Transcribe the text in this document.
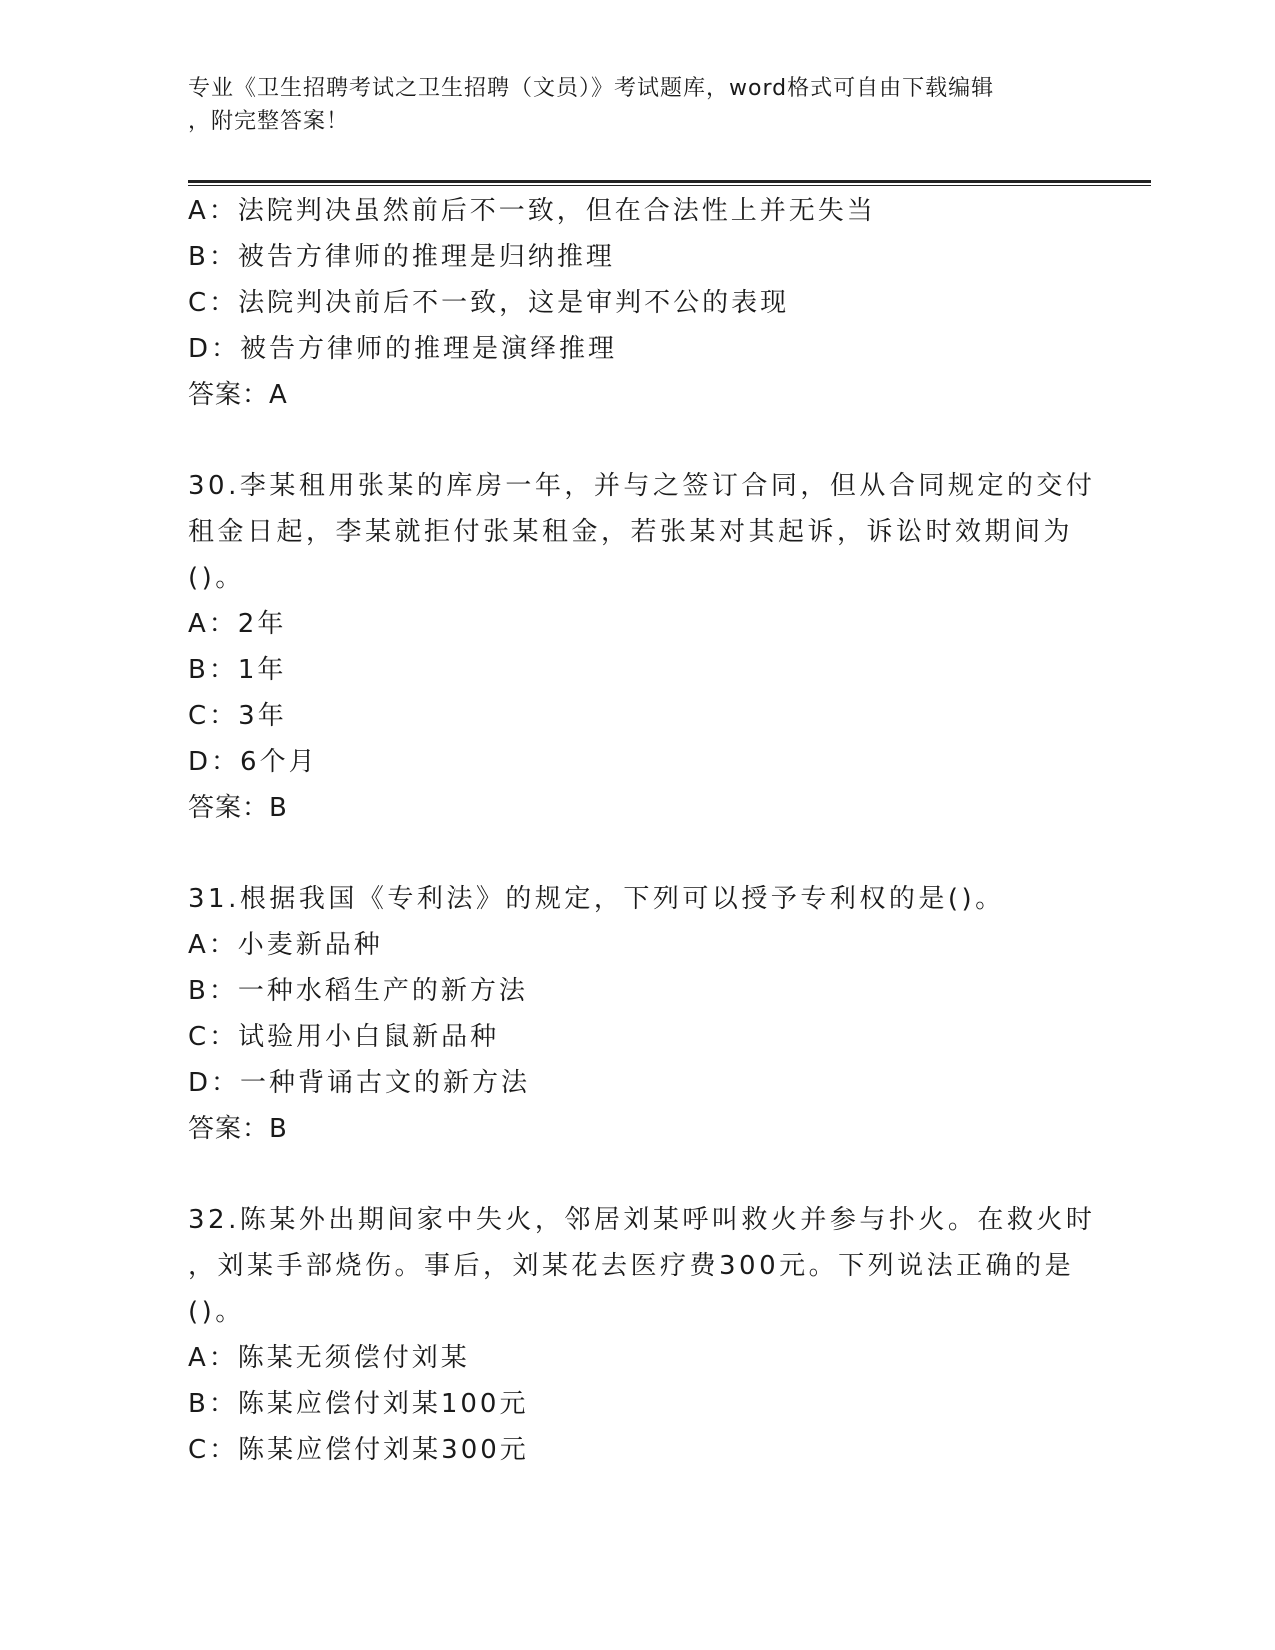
专业《卫生招聘考试之卫生招聘（文员）》考试题库，word格式可自由下载编辑
，附完整答案！
A：法院判决虽然前后不一致，但在合法性上并无失当
B：被告方律师的推理是归纳推理
C：法院判决前后不一致，这是审判不公的表现
D：被告方律师的推理是演绎推理
答案：A
30.李某租用张某的库房一年，并与之签订合同，但从合同规定的交付
租金日起，李某就拒付张某租金，若张某对其起诉，诉讼时效期间为
()。
A：2年
B：1年
C：3年
D：6个月
答案：B
31.根据我国《专利法》的规定，下列可以授予专利权的是()。
A：小麦新品种
B：一种水稻生产的新方法
C：试验用小白鼠新品种
D：一种背诵古文的新方法
答案：B
32.陈某外出期间家中失火，邻居刘某呼叫救火并参与扑火。在救火时
，刘某手部烧伤。事后，刘某花去医疗费300元。下列说法正确的是
()。
A：陈某无须偿付刘某
B：陈某应偿付刘某100元
C：陈某应偿付刘某300元
